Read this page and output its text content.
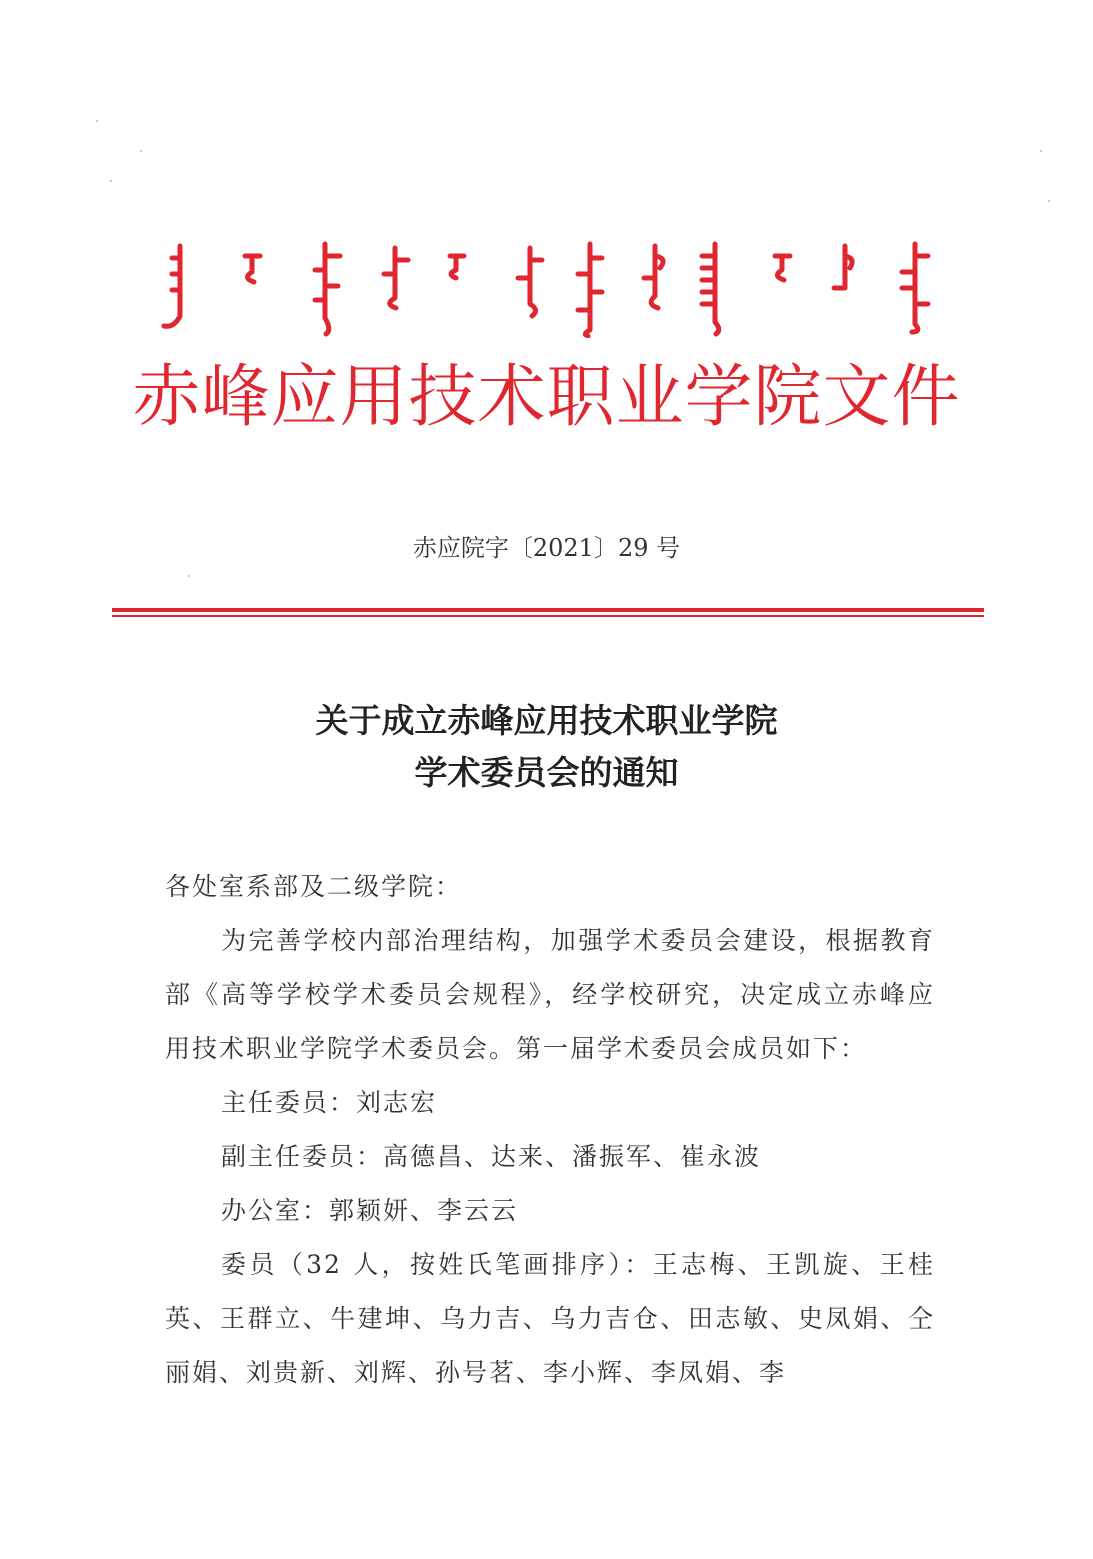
赤峰应用技术职业学院文件
赤应院字〔2021〕29 号
关于成立赤峰应用技术职业学院
学术委员会的通知

各处室系部及二级学院：

为完善学校内部治理结构，加强学术委员会建设，根据教育部《高等学校学术委员会规程》，经学校研究，决定成立赤峰应用技术职业学院学术委员会。第一届学术委员会成员如下：

主任委员：刘志宏

副主任委员：高德昌、达来、潘振军、崔永波

办公室：郭颖妍、李云云

委员（32 人，按姓氏笔画排序）：王志梅、王凯旋、王桂英、王群立、牛建坤、乌力吉、乌力吉仓、田志敏、史凤娟、仝丽娟、刘贵新、刘辉、孙号茗、李小辉、李凤娟、李
